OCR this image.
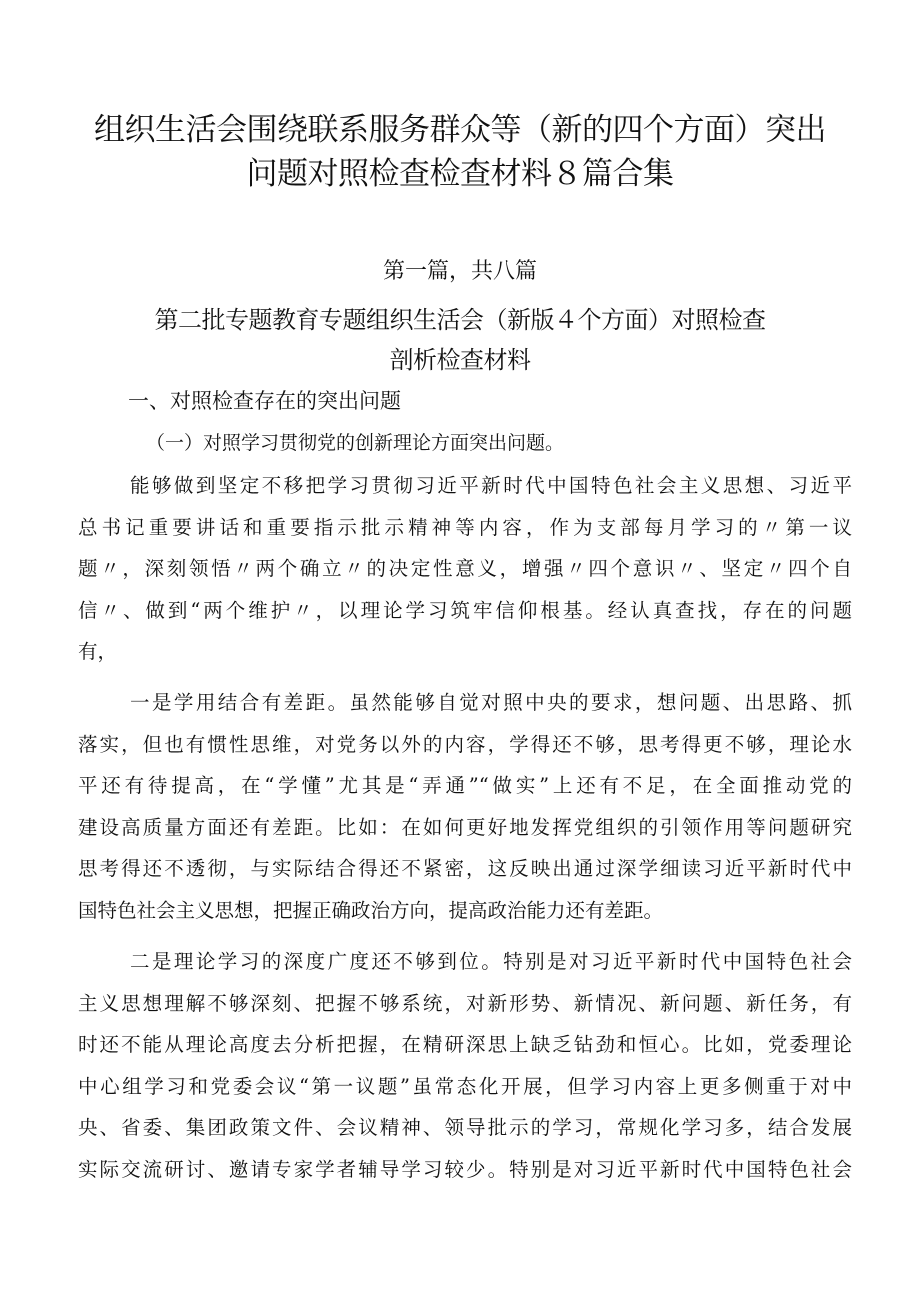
组织生活会围绕联系服务群众等（新的四个方面）突出
问题对照检查检查材料８篇合集
第一篇，共八篇
第二批专题教育专题组织生活会（新版４个方面）对照检查
剖析检查材料
一、对照检查存在的突出问题
（一）对照学习贯彻党的创新理论方面突出问题。
能够做到坚定不移把学习贯彻习近平新时代中国特色社会主义思想、习近平
总书记重要讲话和重要指示批示精神等内容，作为支部每月学习的〃第一议
题〃，深刻领悟〃两个确立〃的决定性意义，增强〃四个意识〃、坚定〃四个自
信〃、做到“两个维护〃，以理论学习筑牢信仰根基。经认真查找，存在的问题
有，
一是学用结合有差距。虽然能够自觉对照中央的要求，想问题、出思路、抓
落实，但也有惯性思维，对党务以外的内容，学得还不够，思考得更不够，理论水
平还有待提高，在“学懂”尤其是“弄通”“做实”上还有不足，在全面推动党的
建设高质量方面还有差距。比如：在如何更好地发挥党组织的引领作用等问题研究
思考得还不透彻，与实际结合得还不紧密，这反映出通过深学细读习近平新时代中
国特色社会主义思想，把握正确政治方向，提高政治能力还有差距。
二是理论学习的深度广度还不够到位。特别是对习近平新时代中国特色社会
主义思想理解不够深刻、把握不够系统，对新形势、新情况、新问题、新任务，有
时还不能从理论高度去分析把握，在精研深思上缺乏钻劲和恒心。比如，党委理论
中心组学习和党委会议“第一议题”虽常态化开展，但学习内容上更多侧重于对中
央、省委、集团政策文件、会议精神、领导批示的学习，常规化学习多，结合发展
实际交流研讨、邀请专家学者辅导学习较少。特别是对习近平新时代中国特色社会
